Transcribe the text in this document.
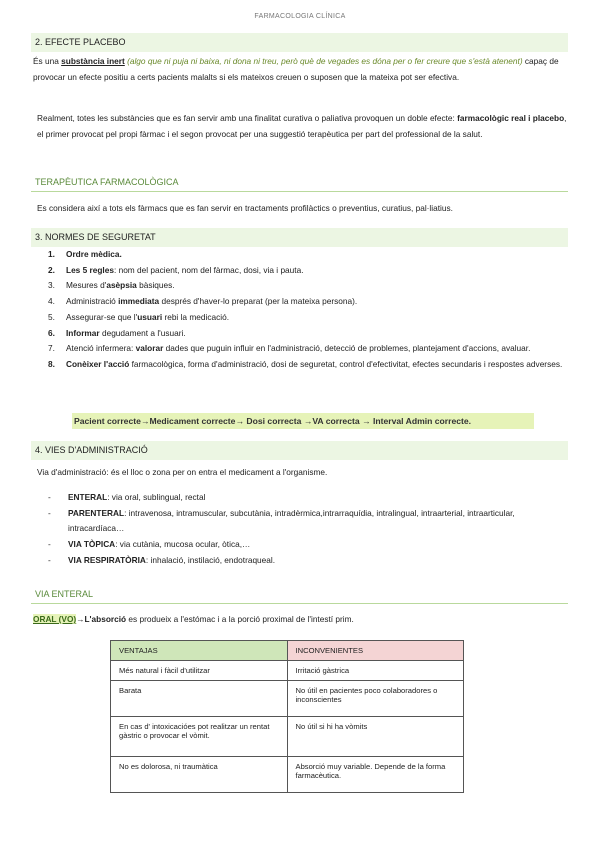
FARMACOLOGIA CLÍNICA
2. EFECTE PLACEBO
És una substància inert (algo que ni puja ni baixa, ni dona ni treu, però què de vegades es dóna per o fer creure que s'està atenent) capaç de provocar un efecte positiu a certs pacients malalts si els mateixos creuen o suposen que la mateixa pot ser efectiva.
Realment, totes les substàncies que es fan servir amb una finalitat curativa o paliativa provoquen un doble efecte: farmacològic real i placebo, el primer provocat pel propi fàrmac i el segon provocat per una suggestió terapèutica per part del professional de la salut.
TERAPÈUTICA FARMACOLÒGICA
Es considera així a tots els fàrmacs que es fan servir en tractaments profilàctics o preventius, curatius, pal·liatius.
3. NORMES DE SEGURETAT
1.	Ordre mèdica.
2.	Les 5 regles: nom del pacient, nom del fàrmac, dosi, via i pauta.
3.	Mesures d'asèpsia bàsiques.
4.	Administració immediata després d'haver-lo preparat (per la mateixa persona).
5.	Assegurar-se que l'usuari rebi la medicació.
6.	Informar degudament a l'usuari.
7.	Atenció infermera: valorar dades que puguin influir en l'administració, detecció de problemes, plantejament d'accions, avaluar.
8.	Conèixer l'acció farmacològica, forma d'administració, dosi de seguretat, control d'efectivitat, efectes secundaris i respostes adverses.
Pacient correcte→Medicament correcte→ Dosi correcta →VA correcta → Interval Admin correcte.
4. VIES D'ADMINISTRACIÓ
Via d'administració: és el lloc o zona per on entra el medicament a l'organisme.
-	ENTERAL: via oral, sublingual, rectal
-	PARENTERAL: intravenosa, intramuscular, subcutània, intradèrmica,intrarraquídia, intralingual, intraarterial, intraarticular, intracardíaca…
-	VIA TÒPICA: via cutània, mucosa ocular, òtica,…
-	VIA RESPIRATÒRIA: inhalació, instilació, endotraqueal.
VIA ENTERAL
ORAL (VO)→L'absorció es produeix a l'estómac i a la porció proximal de l'intestí prim.
VENTAJAS	INCONVENIENTES
Més natural i fàcil d'utilitzar	Irritació gàstrica
Barata	No útil en pacientes poco colaboradores o inconscientes
En cas d' intoxicacióes pot realitzar un rentat gàstric o provocar el vòmit.	No útil si hi ha vòmits
No es dolorosa, ni traumàtica	Absorció muy variable. Depende de la forma farmacèutica.
